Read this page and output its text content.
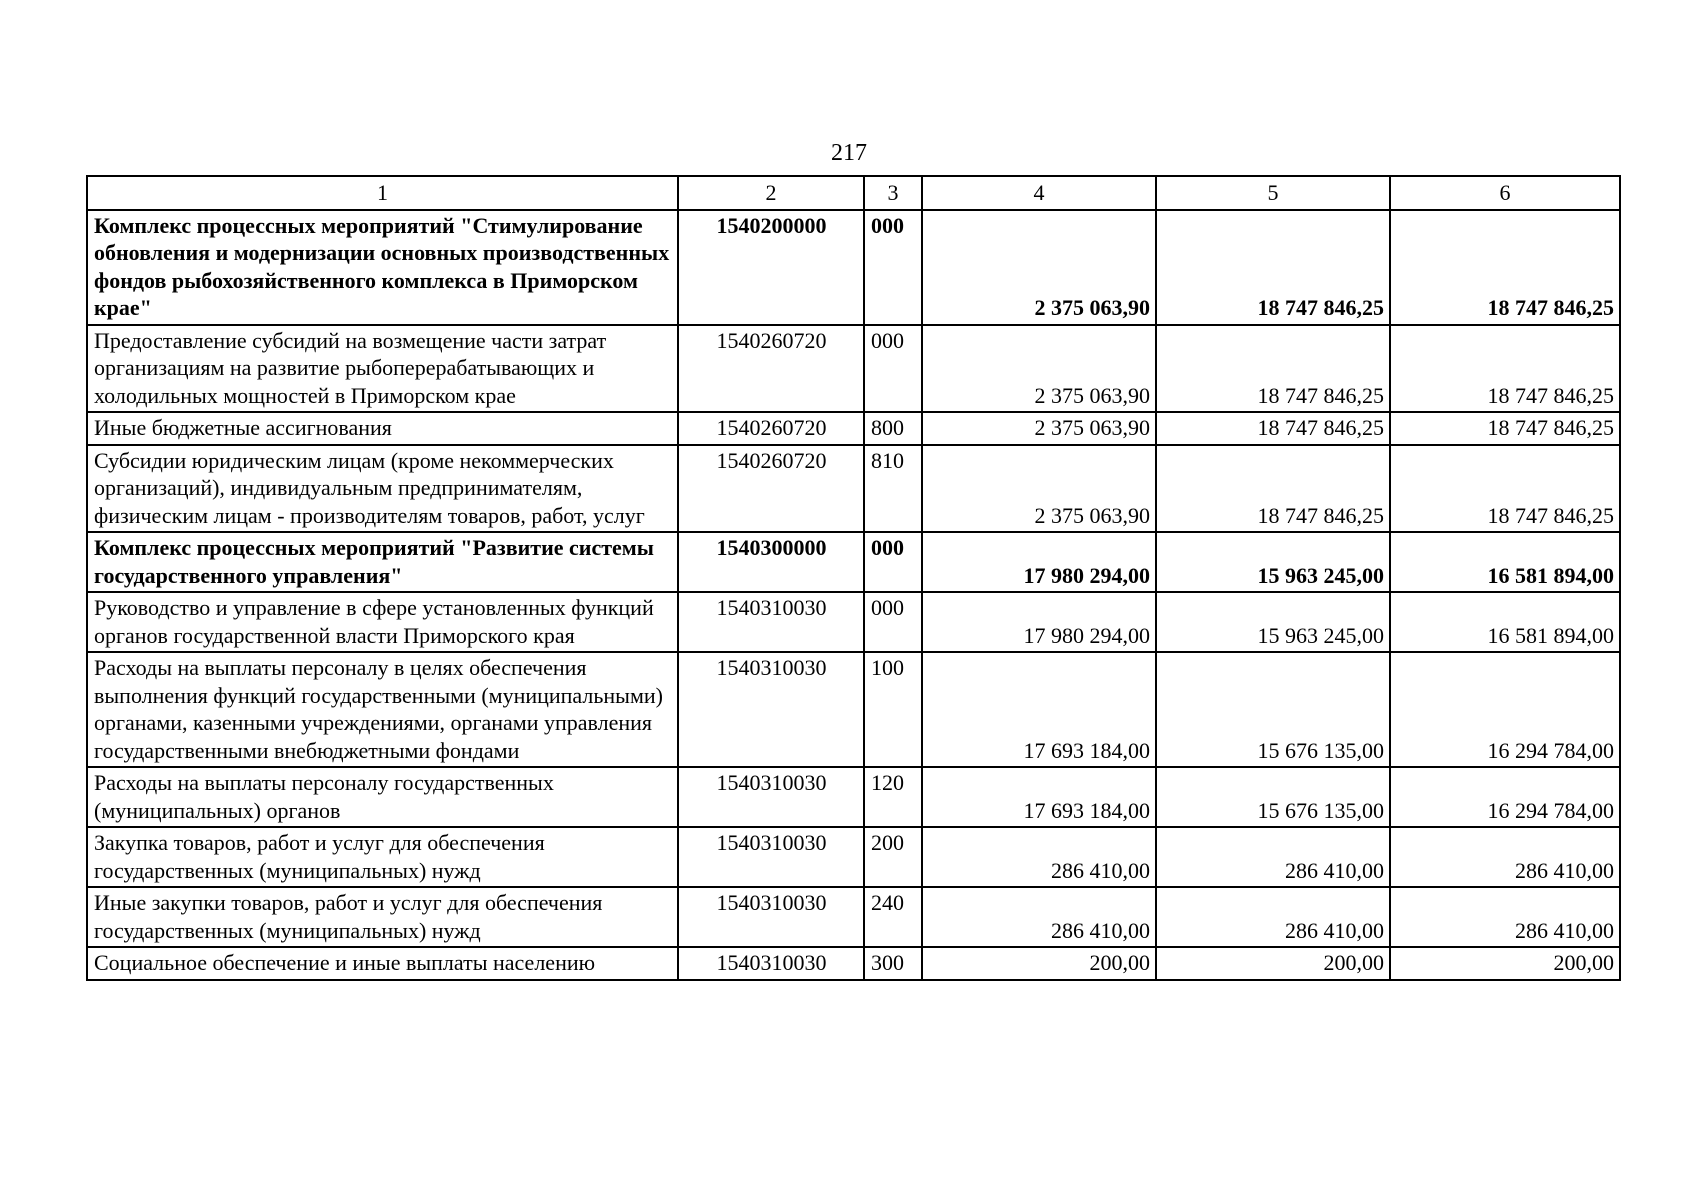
217
1	2	3	4	5	6
Комплекс процессных мероприятий "Стимулирование обновления и модернизации основных производственных фондов рыбохозяйственного комплекса в Приморском крае"	1540200000	000	2 375 063,90	18 747 846,25	18 747 846,25
Предоставление субсидий на возмещение части затрат организациям на развитие рыбоперерабатывающих и холодильных мощностей в Приморском крае	1540260720	000	2 375 063,90	18 747 846,25	18 747 846,25
Иные бюджетные ассигнования	1540260720	800	2 375 063,90	18 747 846,25	18 747 846,25
Субсидии юридическим лицам (кроме некоммерческих организаций), индивидуальным предпринимателям, физическим лицам - производителям товаров, работ, услуг	1540260720	810	2 375 063,90	18 747 846,25	18 747 846,25
Комплекс процессных мероприятий "Развитие системы государственного управления"	1540300000	000	17 980 294,00	15 963 245,00	16 581 894,00
Руководство и управление в сфере установленных функций органов государственной власти Приморского края	1540310030	000	17 980 294,00	15 963 245,00	16 581 894,00
Расходы на выплаты персоналу в целях обеспечения выполнения функций государственными (муниципальными) органами, казенными учреждениями, органами управления государственными внебюджетными фондами	1540310030	100	17 693 184,00	15 676 135,00	16 294 784,00
Расходы на выплаты персоналу государственных (муниципальных) органов	1540310030	120	17 693 184,00	15 676 135,00	16 294 784,00
Закупка товаров, работ и услуг для обеспечения государственных (муниципальных) нужд	1540310030	200	286 410,00	286 410,00	286 410,00
Иные закупки товаров, работ и услуг для обеспечения государственных (муниципальных) нужд	1540310030	240	286 410,00	286 410,00	286 410,00
Социальное обеспечение и иные выплаты населению	1540310030	300	200,00	200,00	200,00
